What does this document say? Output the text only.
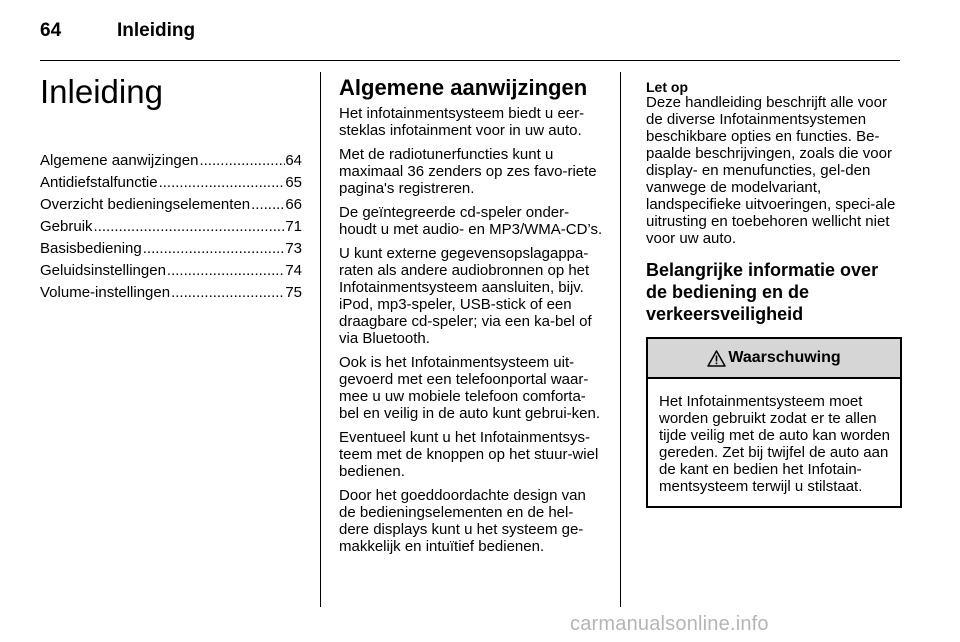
64	Inleiding
Inleiding
Algemene aanwijzingen .....	64
Antidiefstalfunctie .....	65
Overzicht bedieningselementen ..... 66
Gebruik .....	71
Basisbediening .....	73
Geluidsinstellingen .....	74
Volume-instellingen .....	75
Algemene aanwijzingen

Het infotainmentsysteem biedt u eer-steklas infotainment voor in uw auto.

Met de radiotunerfuncties kunt u maximaal 36 zenders op zes favo-riete pagina's registreren.

De geïntegreerde cd-speler onder-houdt u met audio- en MP3/WMA-CD’s.

U kunt externe gegevensopslagappa-raten als andere audiobronnen op het Infotainmentsysteem aansluiten, bijv. iPod, mp3-speler, USB-stick of een draagbare cd-speler; via een ka-bel of via Bluetooth.

Ook is het Infotainmentsysteem uit-gevoerd met een telefoonportal waar-mee u uw mobiele telefoon comforta-bel en veilig in de auto kunt gebrui-ken.

Eventueel kunt u het Infotainmentsys-teem met de knoppen op het stuur-wiel bedienen.

Door het goeddoordachte design van de bedieningselementen en de hel-dere displays kunt u het systeem ge-makkelijk en intuïtief bedienen.

Let op

Deze handleiding beschrijft alle voor de diverse Infotainmentsystemen beschikbare opties en functies. Be-paalde beschrijvingen, zoals die voor display- en menufuncties, gel-den vanwege de modelvariant, landspecifieke uitvoeringen, speci-ale uitrusting en toebehoren wellicht niet voor uw auto.

Belangrijke informatie over de bediening en de verkeersveiligheid
Waarschuwing

Het Infotainmentsysteem moet worden gebruikt zodat er te allen tijde veilig met de auto kan worden gereden. Zet bij twijfel de auto aan de kant en bedien het Infotain-mentsysteem terwijl u stilstaat.

carmanualsonline.info
